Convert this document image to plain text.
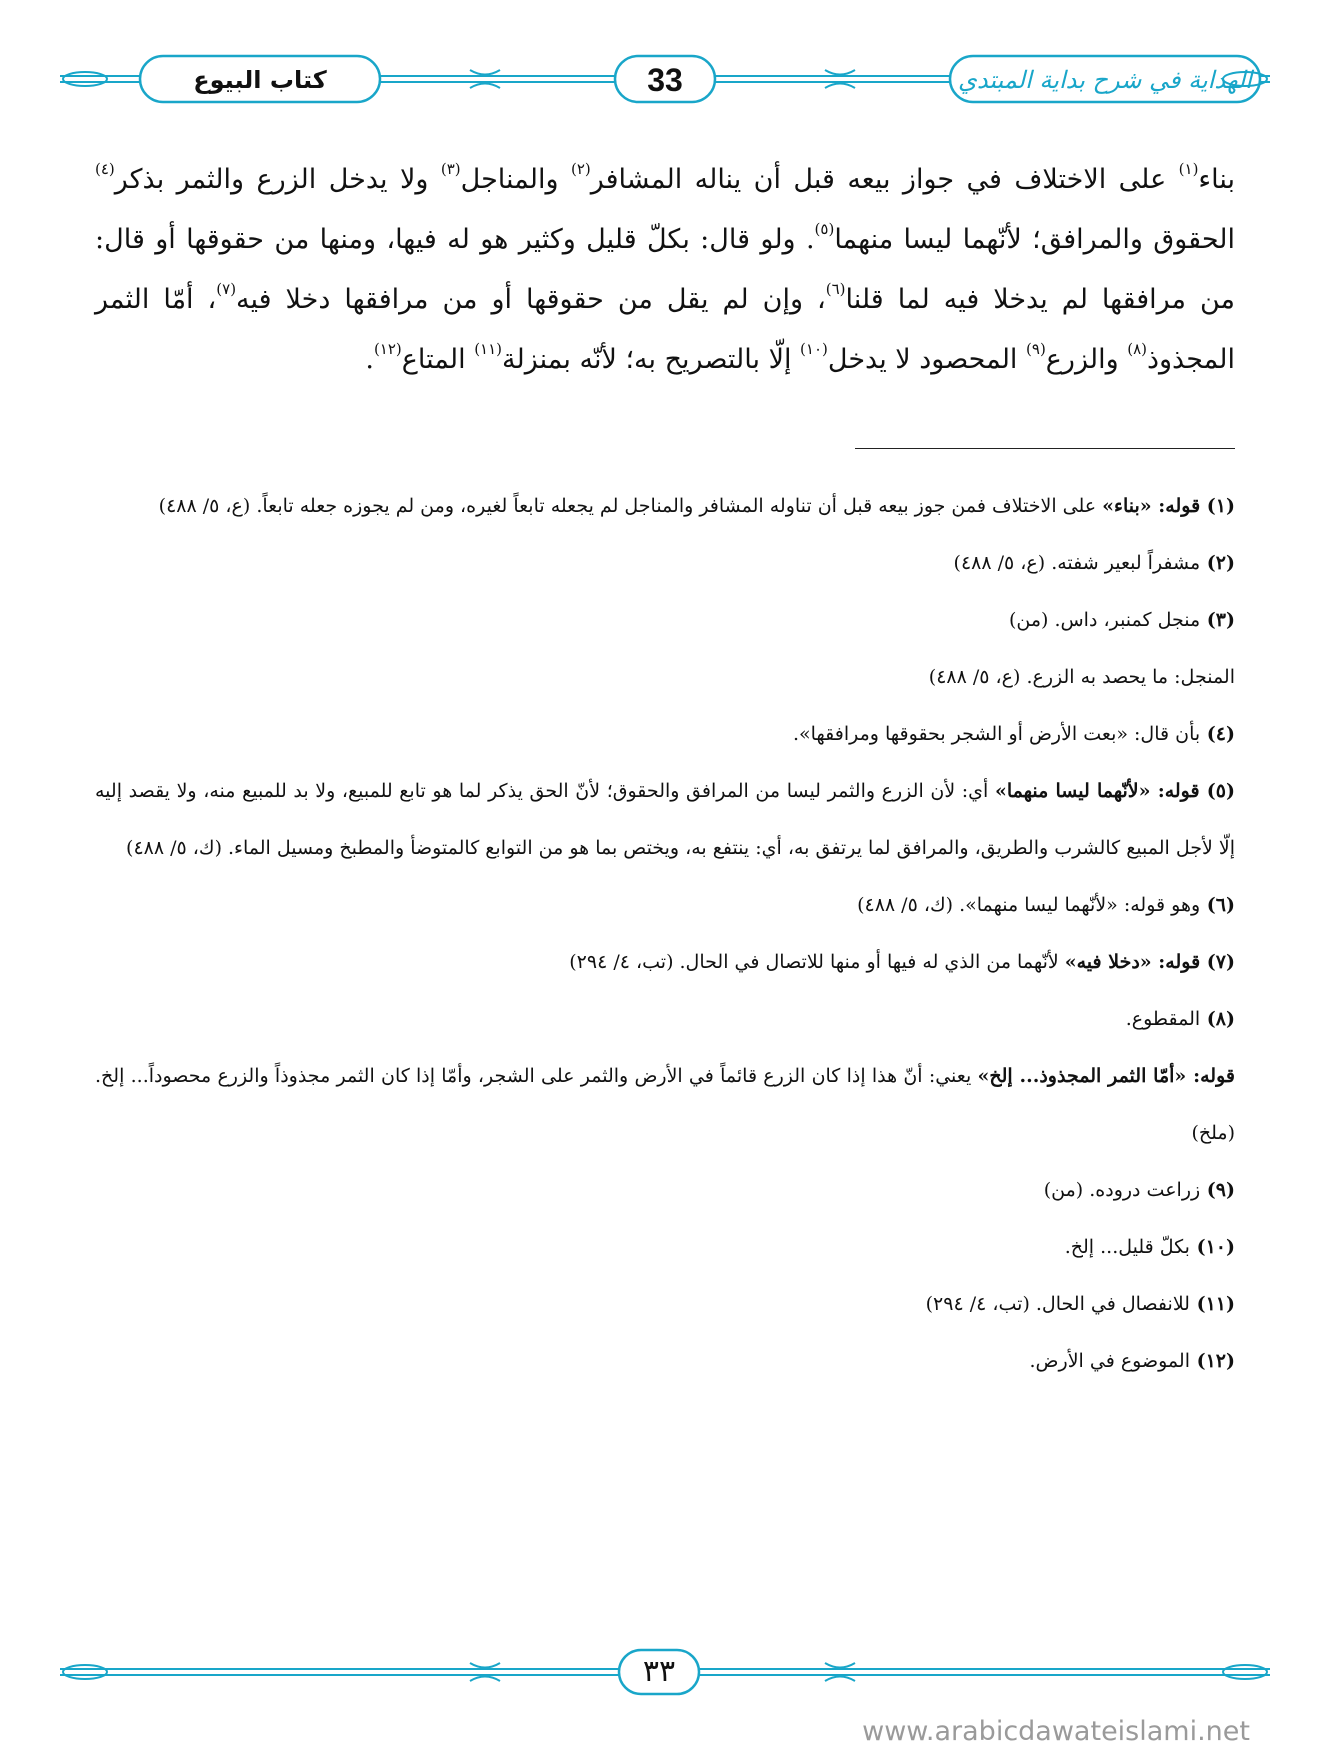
كتاب البيوع	33	الهداية في شرح بداية المبتدي

بناء$^{(١)}$ على الاختلاف في جواز بيعه قبل أن يناله المشافر$^{(٢)}$ والمناجل$^{(٣)}$ ولا يدخل الزرع والثمر بذكر$^{(٤)}$ الحقوق والمرافق؛ لأنّهما ليسا منهما$^{(٥)}$. ولو قال: بكلّ قليل وكثير هو له فيها، ومنها من حقوقها أو قال: من مرافقها لم يدخلا فيه لما قلنا$^{(٦)}$، وإن لم يقل من حقوقها أو من مرافقها دخلا فيه$^{(٧)}$، أمّا الثمر المجذوذ$^{(٨)}$ والزرع$^{(٩)}$ المحصود لا يدخل$^{(١٠)}$ إلّا بالتصريح به؛ لأنّه بمنزلة$^{(١١)}$ المتاع$^{(١٢)}$.

(١) قوله: «بناء» على الاختلاف فمن جوز بيعه قبل أن تناوله المشافر والمناجل لم يجعله تابعاً لغيره، ومن لم يجوزه جعله تابعاً. (ع، ٥/ ٤٨٨)

(٢) مشفراً لبعير شفته. (ع، ٥/ ٤٨٨)

(٣) منجل كمنبر، داس. (من)

المنجل: ما يحصد به الزرع. (ع، ٥/ ٤٨٨)

(٤) بأن قال: «بعت الأرض أو الشجر بحقوقها ومرافقها».

(٥) قوله: «لأنّهما ليسا منهما» أي: لأن الزرع والثمر ليسا من المرافق والحقوق؛ لأنّ الحق يذكر لما هو تابع للمبيع، ولا بد للمبيع منه، ولا يقصد إليه إلّا لأجل المبيع كالشرب والطريق، والمرافق لما يرتفق به، أي: ينتفع به، ويختص بما هو من التوابع كالمتوضأ والمطبخ ومسيل الماء. (ك، ٥/ ٤٨٨)

(٦) وهو قوله: «لأنّهما ليسا منهما». (ك، ٥/ ٤٨٨)

(٧) قوله: «دخلا فيه» لأنّهما من الذي له فيها أو منها للاتصال في الحال. (تب، ٤/ ٢٩٤)

(٨) المقطوع.

قوله: «أمّا الثمر المجذوذ... إلخ» يعني: أنّ هذا إذا كان الزرع قائماً في الأرض والثمر على الشجر، وأمّا إذا كان الثمر مجذوذاً والزرع محصوداً... إلخ. (ملخ)

(٩) زراعت دروده. (من)

(١٠) بكلّ قليل... إلخ.

(١١) للانفصال في الحال. (تب، ٤/ ٢٩٤)

(١٢) الموضوع في الأرض.

٣٣
www.arabicdawateislami.net
